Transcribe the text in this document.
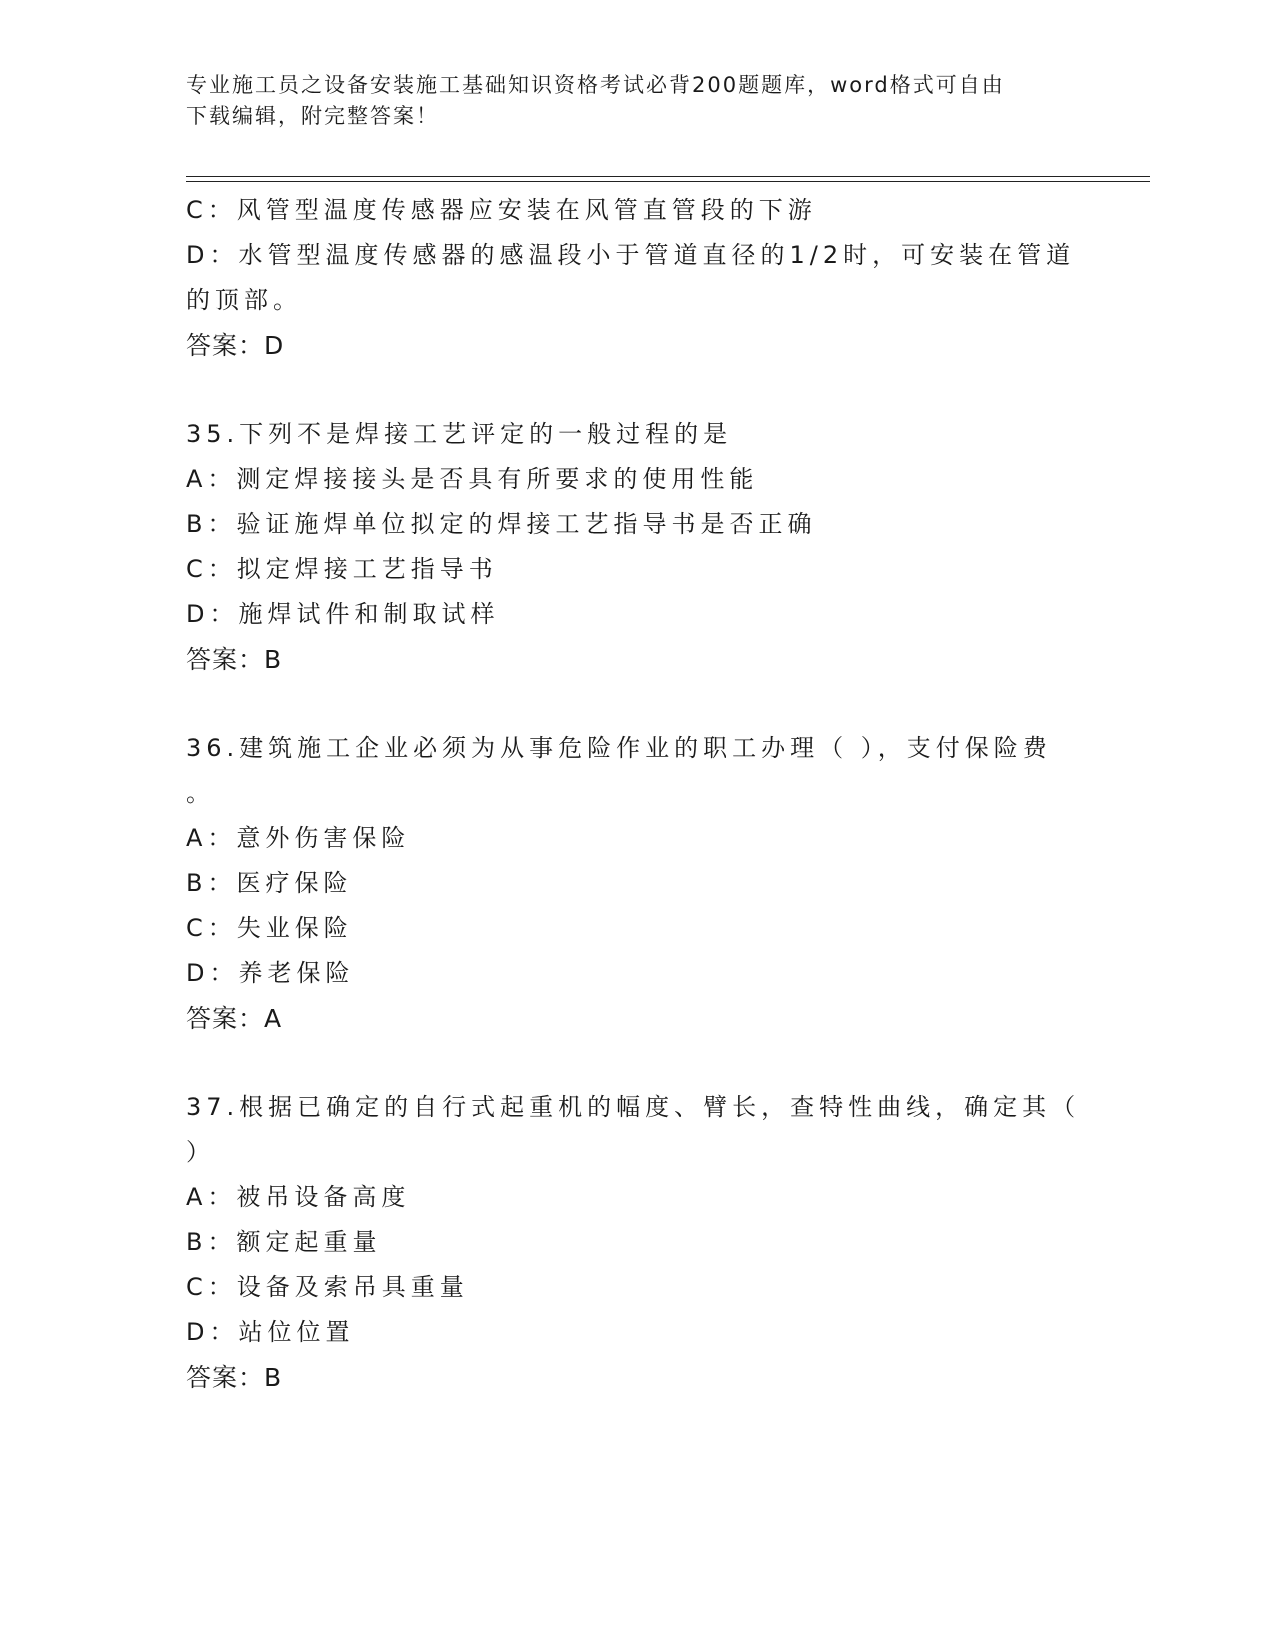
专业施工员之设备安装施工基础知识资格考试必背200题题库，word格式可自由
下载编辑，附完整答案！
C：风管型温度传感器应安装在风管直管段的下游
D：水管型温度传感器的感温段小于管道直径的1/2时，可安装在管道
的顶部。
答案：D
35.下列不是焊接工艺评定的一般过程的是
A：测定焊接接头是否具有所要求的使用性能
B：验证施焊单位拟定的焊接工艺指导书是否正确
C：拟定焊接工艺指导书
D：施焊试件和制取试样
答案：B
36.建筑施工企业必须为从事危险作业的职工办理（ ），支付保险费
。
A：意外伤害保险
B：医疗保险
C：失业保险
D：养老保险
答案：A
37.根据已确定的自行式起重机的幅度、臂长，查特性曲线，确定其（
）
A：被吊设备高度
B：额定起重量
C：设备及索吊具重量
D：站位位置
答案：B
